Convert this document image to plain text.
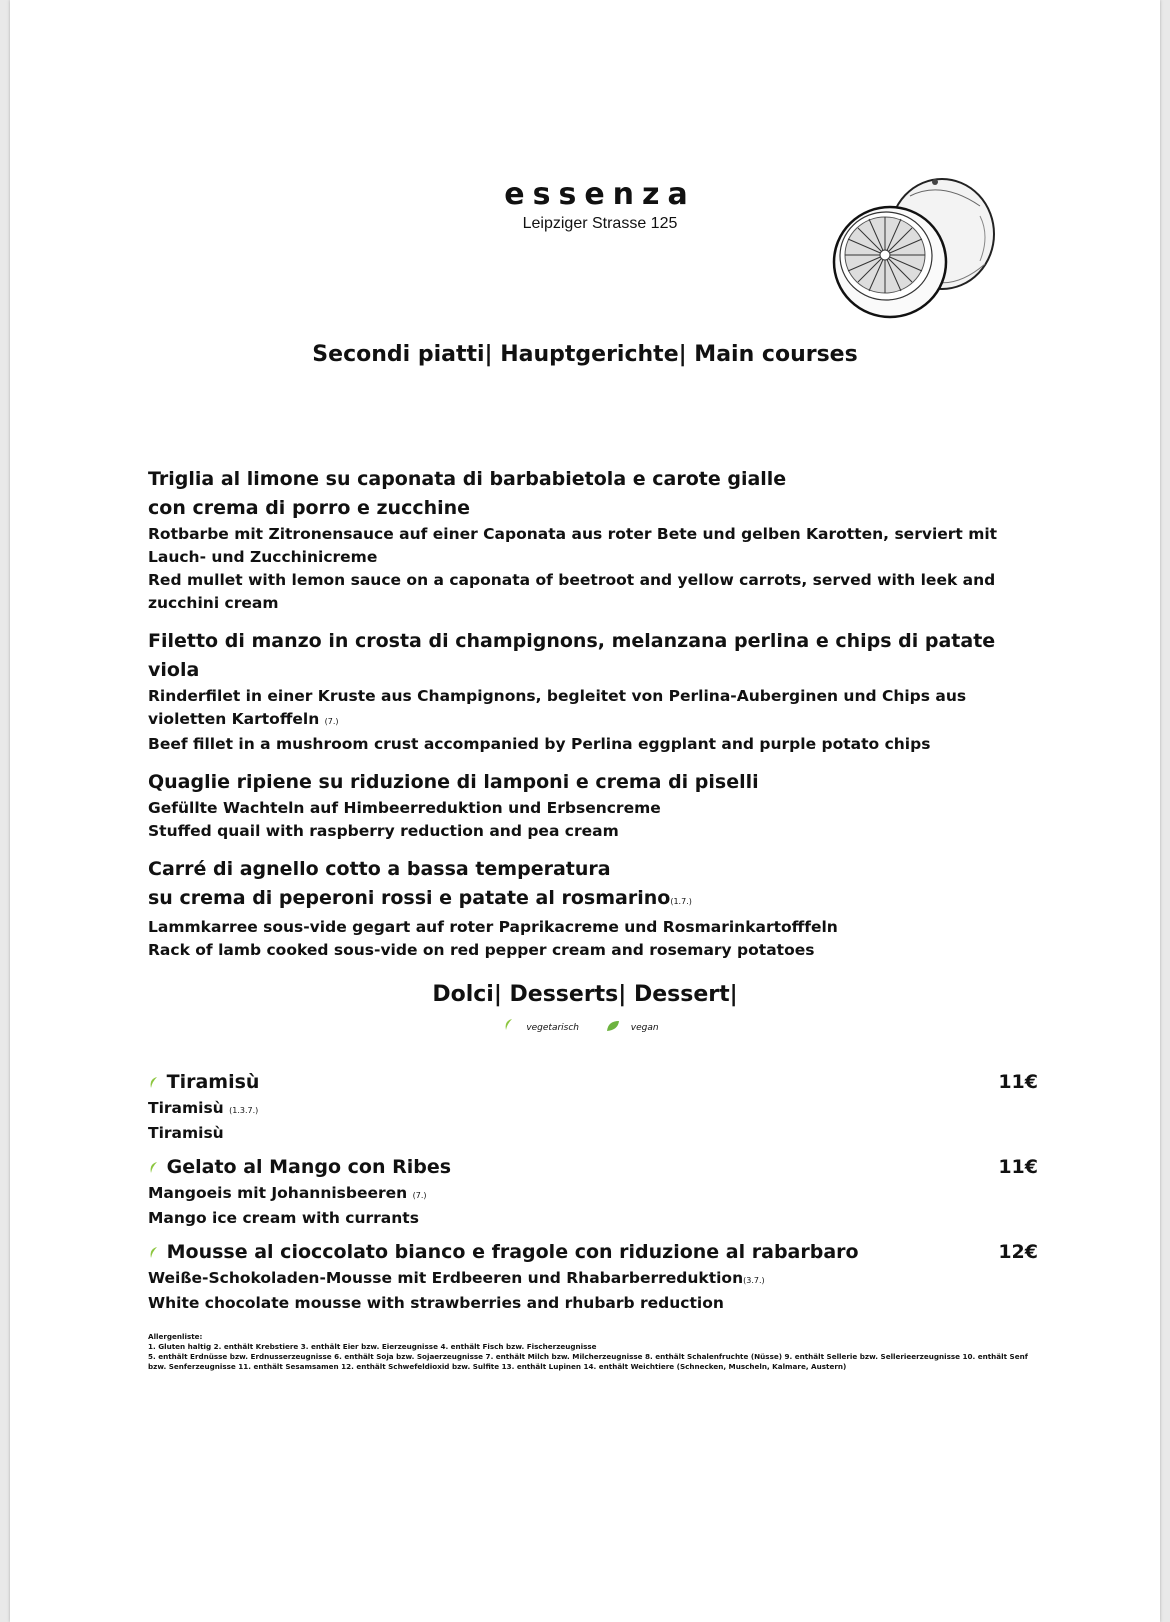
essenza

Leipziger Strasse 125

Secondi piatti| Hauptgerichte| Main courses

Triglia al limone su caponata di barbabietola e carote gialle
con crema di porro e zucchine

Rotbarbe mit Zitronensauce auf einer Caponata aus roter Bete und gelben Karotten, serviert mit Lauch- und Zucchinicreme

Red mullet with lemon sauce on a caponata of beetroot and yellow carrots, served with leek and zucchini cream

Filetto di manzo in crosta di champignons, melanzana perlina e chips di patate viola

Rinderfilet in einer Kruste aus Champignons, begleitet von Perlina-Auberginen und Chips aus violetten Kartoffeln (7.)

Beef fillet in a mushroom crust accompanied by Perlina eggplant and purple potato chips

Quaglie ripiene su riduzione di lamponi e crema di piselli

Gefüllte Wachteln auf Himbeerreduktion und Erbsencreme

Stuffed quail with raspberry reduction and pea cream

Carré di agnello cotto a bassa temperatura
su crema di peperoni rossi e patate al rosmarino(1.7.)

Lammkarree sous-vide gegart auf roter Paprikacreme und Rosmarinkartofffeln

Rack of lamb cooked sous-vide on red pepper cream and rosemary potatoes

Dolci| Desserts| Dessert|
vegetarisch	vegan

Tiramisù	11€

Tiramisù (1.3.7.)

Tiramisù

Gelato al Mango con Ribes	11€

Mangoeis mit Johannisbeeren (7.)

Mango ice cream with currants

Mousse al cioccolato bianco e fragole con riduzione al rabarbaro	12€

Weiße-Schokoladen-Mousse mit Erdbeeren und Rhabarberreduktion(3.7.)

White chocolate mousse with strawberries and rhubarb reduction

Allergenliste:
1. Gluten haltig 2. enthält Krebstiere 3. enthält Eier bzw. Eierzeugnisse 4. enthält Fisch bzw. Fischerzeugnisse
5. enthält Erdnüsse bzw. Erdnusserzeugnisse 6. enthält Soja bzw. Sojaerzeugnisse 7. enthält Milch bzw. Milcherzeugnisse 8. enthält Schalenfruchte (Nüsse) 9. enthält Sellerie bzw. Sellerieerzeugnisse 10. enthält Senf bzw. Senferzeugnisse 11. enthält Sesamsamen 12. enthält Schwefeldioxid bzw. Sulfite 13. enthält Lupinen 14. enthält Weichtiere (Schnecken, Muscheln, Kalmare, Austern)
